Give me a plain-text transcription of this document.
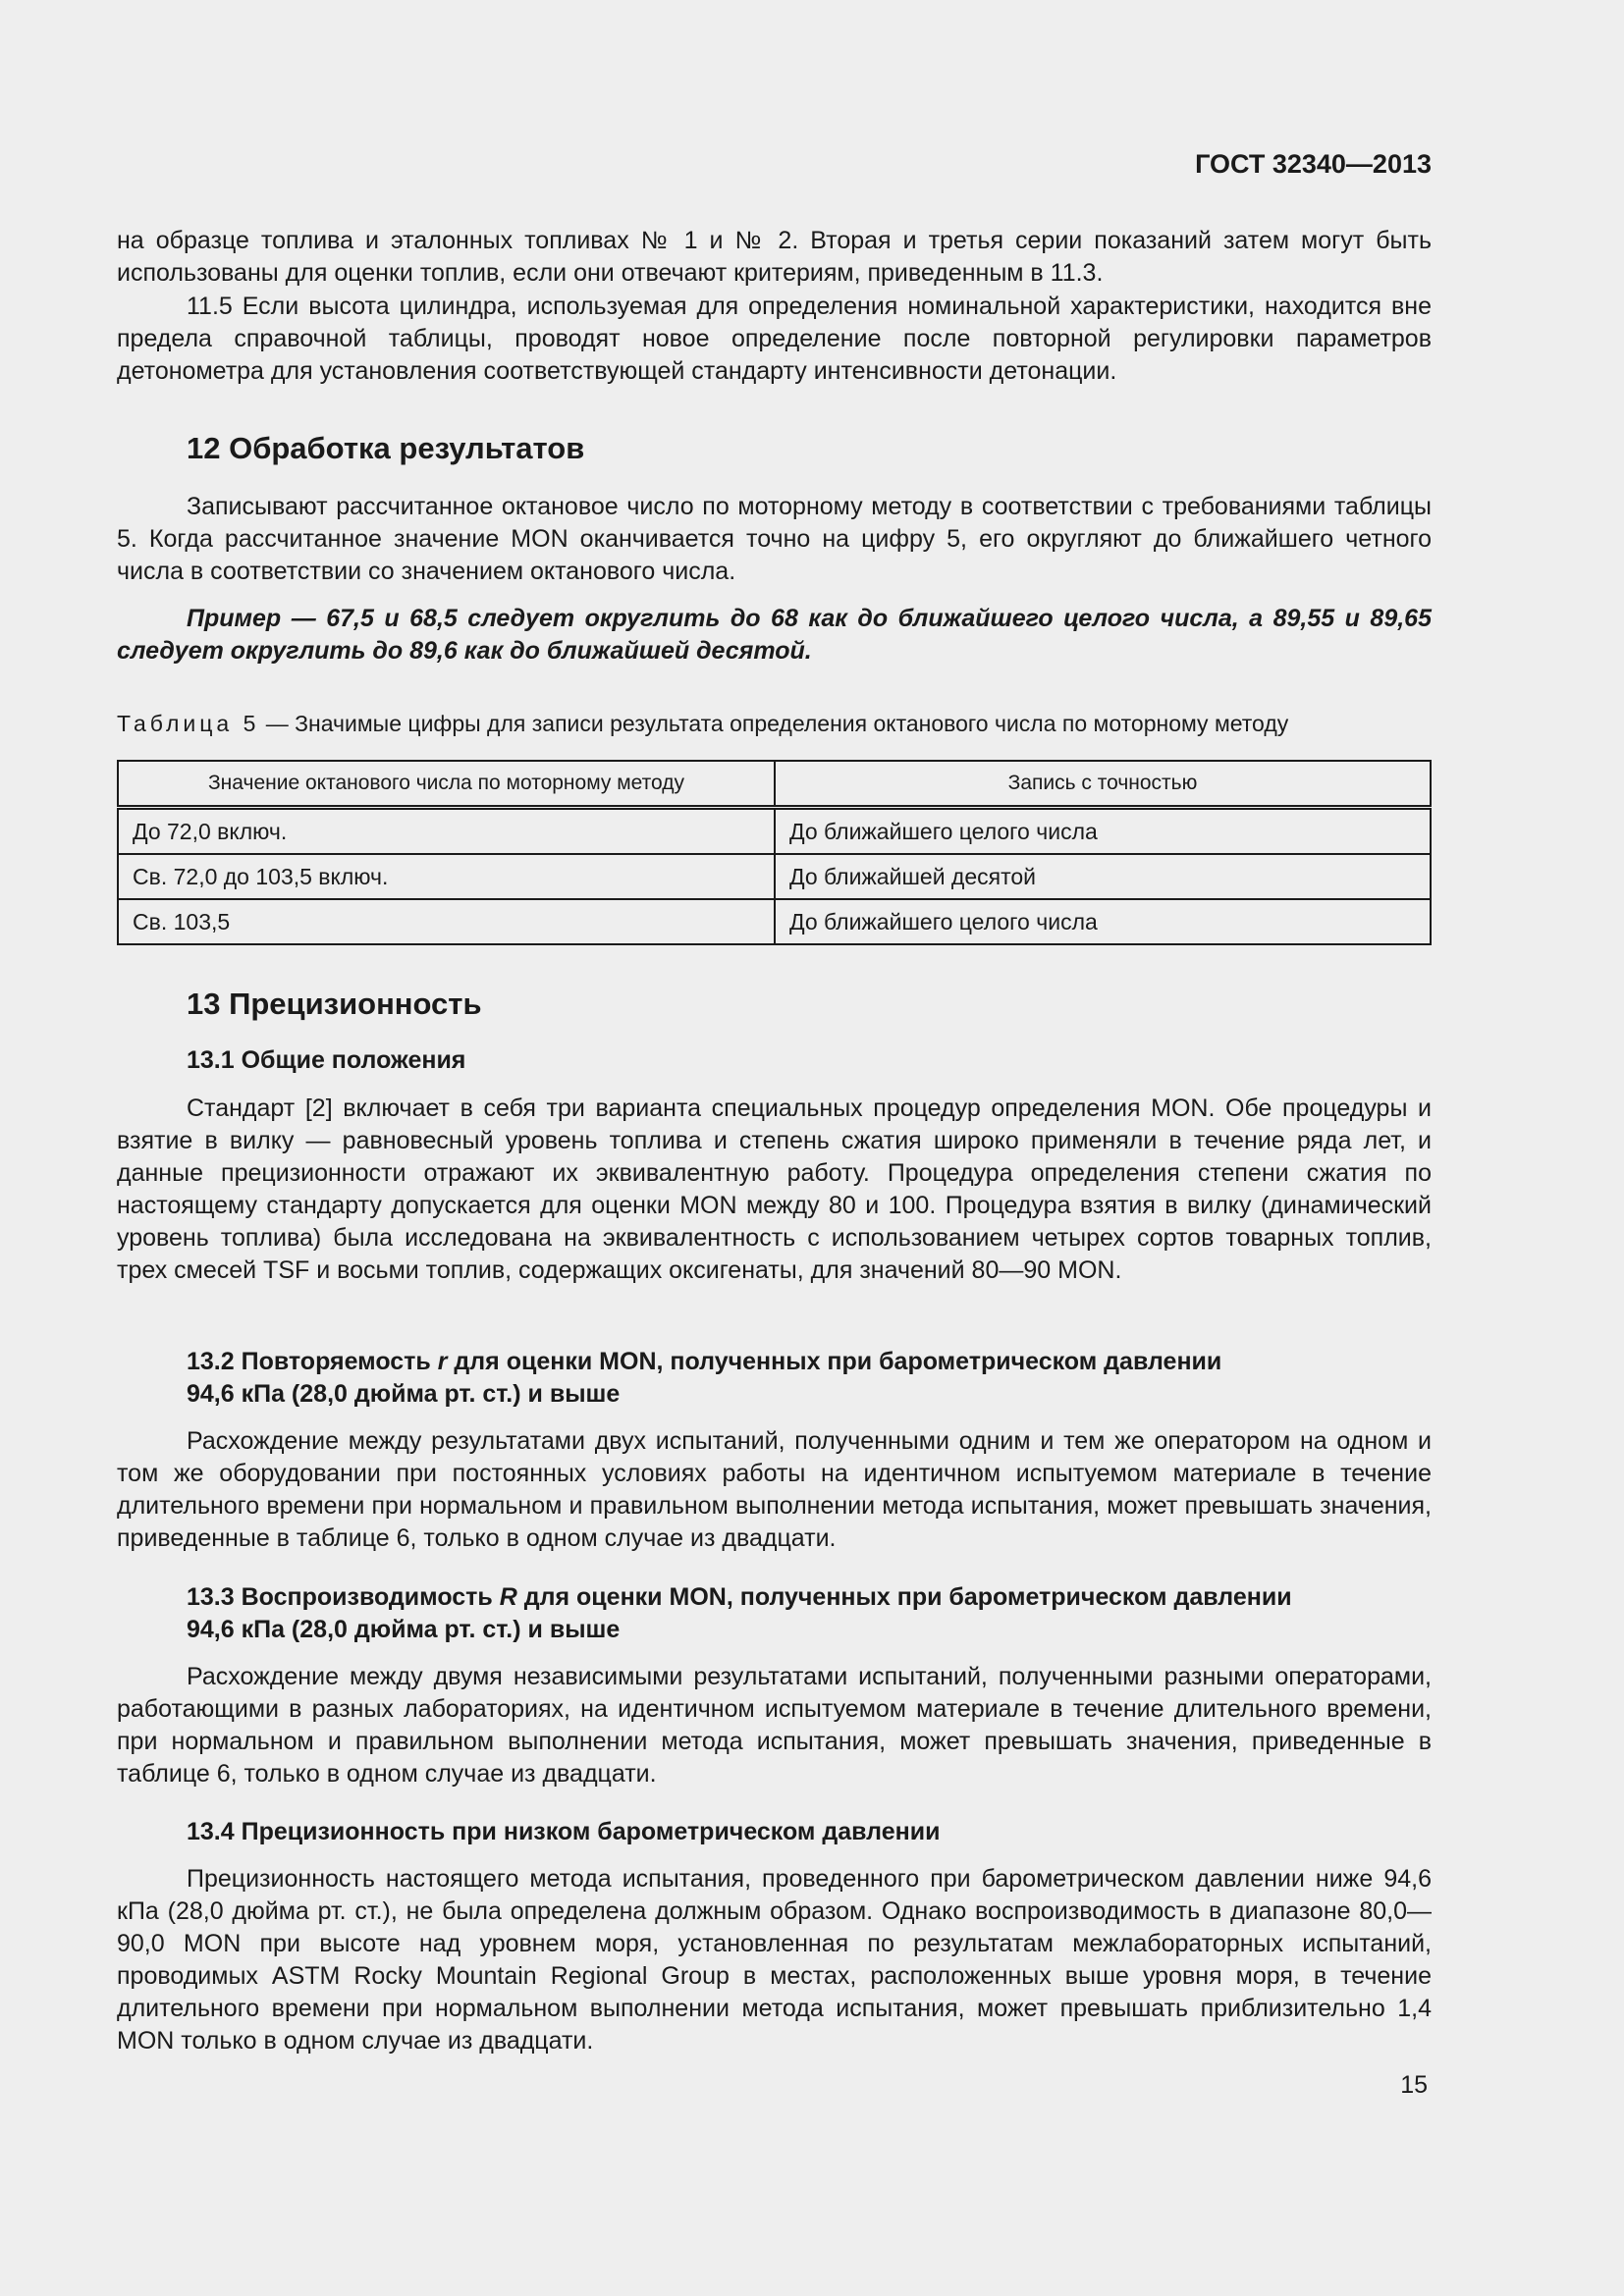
ГОСТ 32340—2013

на образце топлива и эталонных топливах № 1 и № 2. Вторая и третья серии показаний затем могут быть использованы для оценки топлив, если они отвечают критериям, приведенным в 11.3.

11.5 Если высота цилиндра, используемая для определения номинальной характеристики, находится вне предела справочной таблицы, проводят новое определение после повторной регулировки параметров детонометра для установления соответствующей стандарту интенсивности детонации.

12 Обработка результатов

Записывают рассчитанное октановое число по моторному методу в соответствии с требованиями таблицы 5. Когда рассчитанное значение MON оканчивается точно на цифру 5, его округляют до ближайшего четного числа в соответствии со значением октанового числа.

Пример — 67,5 и 68,5 следует округлить до 68 как до ближайшего целого числа, а 89,55 и 89,65 следует округлить до 89,6 как до ближайшей десятой.

Таблица 5 — Значимые цифры для записи результата определения октанового числа по моторному методу
Значение октанового числа по моторному методу	Запись с точностью
До 72,0 включ.	До ближайшего целого числа
Св. 72,0 до 103,5 включ.	До ближайшей десятой
Св. 103,5	До ближайшего целого числа
13 Прецизионность
13.1 Общие положения

Стандарт [2] включает в себя три варианта специальных процедур определения MON. Обе процедуры и взятие в вилку — равновесный уровень топлива и степень сжатия широко применяли в течение ряда лет, и данные прецизионности отражают их эквивалентную работу. Процедура определения степени сжатия по настоящему стандарту допускается для оценки MON между 80 и 100. Процедура взятия в вилку (динамический уровень топлива) была исследована на эквивалентность с использованием четырех сортов товарных топлив, трех смесей TSF и восьми топлив, содержащих оксигенаты, для значений 80—90 MON.

13.2 Повторяемость r для оценки MON, полученных при барометрическом давлении
94,6 кПа (28,0 дюйма рт. ст.) и выше

Расхождение между результатами двух испытаний, полученными одним и тем же оператором на одном и том же оборудовании при постоянных условиях работы на идентичном испытуемом материале в течение длительного времени при нормальном и правильном выполнении метода испытания, может превышать значения, приведенные в таблице 6, только в одном случае из двадцати.

13.3 Воспроизводимость R для оценки MON, полученных при барометрическом давлении
94,6 кПа (28,0 дюйма рт. ст.) и выше

Расхождение между двумя независимыми результатами испытаний, полученными разными операторами, работающими в разных лабораториях, на идентичном испытуемом материале в течение длительного времени, при нормальном и правильном выполнении метода испытания, может превышать значения, приведенные в таблице 6, только в одном случае из двадцати.

13.4 Прецизионность при низком барометрическом давлении

Прецизионность настоящего метода испытания, проведенного при барометрическом давлении ниже 94,6 кПа (28,0 дюйма рт. ст.), не была определена должным образом. Однако воспроизводимость в диапазоне 80,0—90,0 MON при высоте над уровнем моря, установленная по результатам межлабораторных испытаний, проводимых ASTM Rocky Mountain Regional Group в местах, расположенных выше уровня моря, в течение длительного времени при нормальном выполнении метода испытания, может превышать приблизительно 1,4 MON только в одном случае из двадцати.

15
